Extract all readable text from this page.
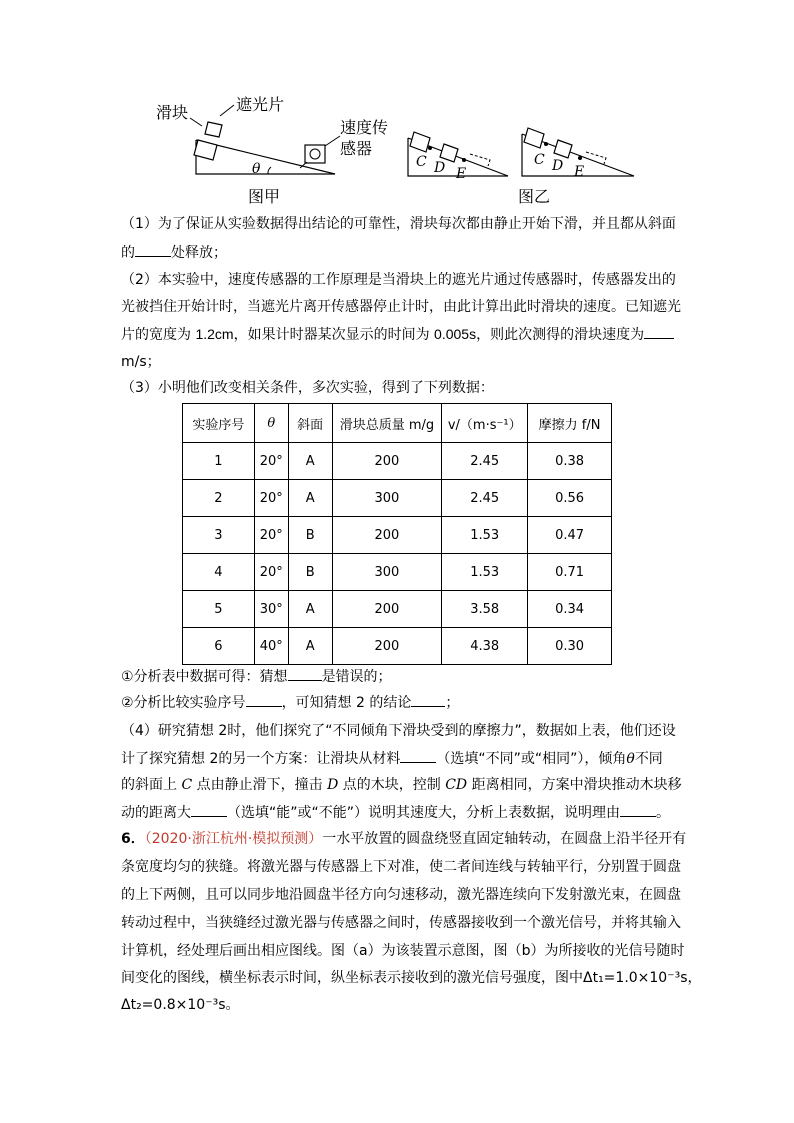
滑块	遮光片
速度传
感器
θ
图甲
C D E
C D E
图乙
（1）为了保证从实验数据得出结论的可靠性，滑块每次都由静止开始下滑，并且都从斜面
的	处释放；
（2）本实验中，速度传感器的工作原理是当滑块上的遮光片通过传感器时，传感器发出的
光被挡住开始计时，当遮光片离开传感器停止计时，由此计算出此时滑块的速度。已知遮光
片的宽度为 1.2cm，如果计时器某次显示的时间为 0.005s，则此次测得的滑块速度为
m/s；
（3）小明他们改变相关条件，多次实验，得到了下列数据：
实验序号	θ	斜面	滑块总质量 m/g	v/（m·s⁻¹）	摩擦力 f/N
1	20°	A	200	2.45	0.38
2	20°	A	300	2.45	0.56
3	20°	B	200	1.53	0.47
4	20°	B	300	1.53	0.71
5	30°	A	200	3.58	0.34
6	40°	A	200	4.38	0.30
①分析表中数据可得：猜想 是错误的；
②分析比较实验序号	，可知猜想 2 的结论 ；
（4）研究猜想 2时，他们探究了“不同倾角下滑块受到的摩擦力”，数据如上表，他们还设
计了探究猜想 2的另一个方案：让滑块从材料	（选填“不同”或“相同”），倾角θ不同
的斜面上 C 点由静止滑下，撞击 D 点的木块，控制 CD 距离相同，方案中滑块推动木块移
动的距离大	（选填“能”或“不能”）说明其速度大，分析上表数据，说明理由	。
6．（2020·浙江杭州·模拟预测）一水平放置的圆盘绕竖直固定轴转动，在圆盘上沿半径开有
条宽度均匀的狭缝。将激光器与传感器上下对准，使二者间连线与转轴平行，分别置于圆盘
的上下两侧，且可以同步地沿圆盘半径方向匀速移动，激光器连续向下发射激光束，在圆盘
转动过程中，当狭缝经过激光器与传感器之间时，传感器接收到一个激光信号，并将其输入
计算机，经处理后画出相应图线。图（a）为该装置示意图，图（b）为所接收的光信号随时
间变化的图线，横坐标表示时间，纵坐标表示接收到的激光信号强度，图中Δt₁=1.0×10⁻³s，
Δt₂=0.8×10⁻³s。
